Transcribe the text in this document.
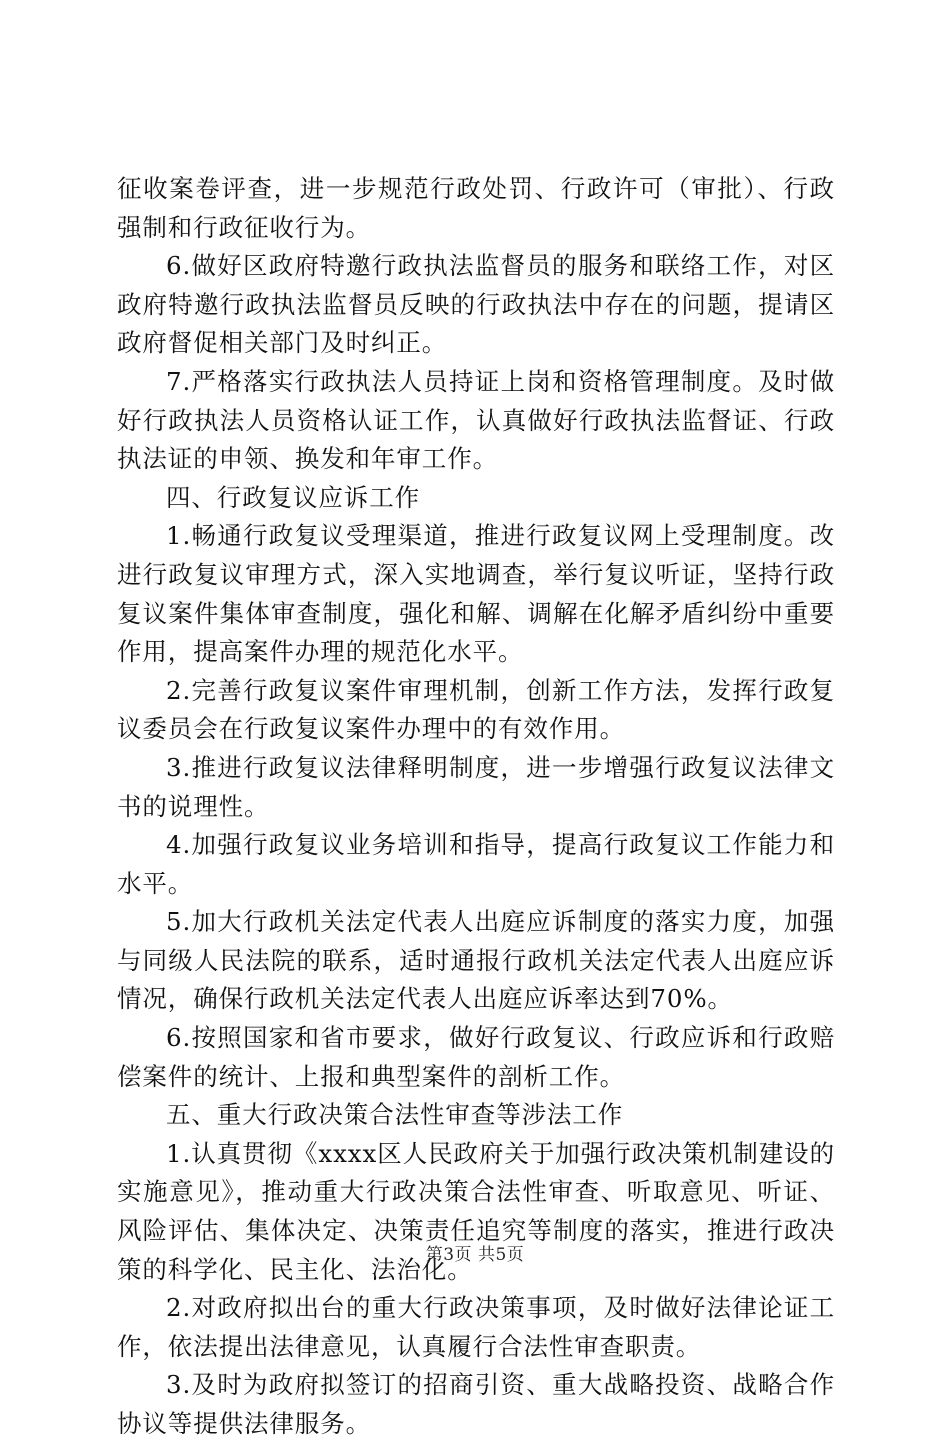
征收案卷评查，进一步规范行政处罚、行政许可（审批）、行政强制和行政征收行为。

6.做好区政府特邀行政执法监督员的服务和联络工作，对区政府特邀行政执法监督员反映的行政执法中存在的问题，提请区政府督促相关部门及时纠正。

7.严格落实行政执法人员持证上岗和资格管理制度。及时做好行政执法人员资格认证工作，认真做好行政执法监督证、行政执法证的申领、换发和年审工作。

四、行政复议应诉工作

1.畅通行政复议受理渠道，推进行政复议网上受理制度。改进行政复议审理方式，深入实地调查，举行复议听证，坚持行政复议案件集体审查制度，强化和解、调解在化解矛盾纠纷中重要作用，提高案件办理的规范化水平。

2.完善行政复议案件审理机制，创新工作方法，发挥行政复议委员会在行政复议案件办理中的有效作用。

3.推进行政复议法律释明制度，进一步增强行政复议法律文书的说理性。

4.加强行政复议业务培训和指导，提高行政复议工作能力和水平。

5.加大行政机关法定代表人出庭应诉制度的落实力度，加强与同级人民法院的联系，适时通报行政机关法定代表人出庭应诉情况，确保行政机关法定代表人出庭应诉率达到70%。

6.按照国家和省市要求，做好行政复议、行政应诉和行政赔偿案件的统计、上报和典型案件的剖析工作。

五、重大行政决策合法性审查等涉法工作

1.认真贯彻《xxxx区人民政府关于加强行政决策机制建设的实施意见》，推动重大行政决策合法性审查、听取意见、听证、风险评估、集体决定、决策责任追究等制度的落实，推进行政决策的科学化、民主化、法治化。

2.对政府拟出台的重大行政决策事项，及时做好法律论证工作，依法提出法律意见，认真履行合法性审查职责。

3.及时为政府拟签订的招商引资、重大战略投资、战略合作协议等提供法律服务。

第3页 共5页
